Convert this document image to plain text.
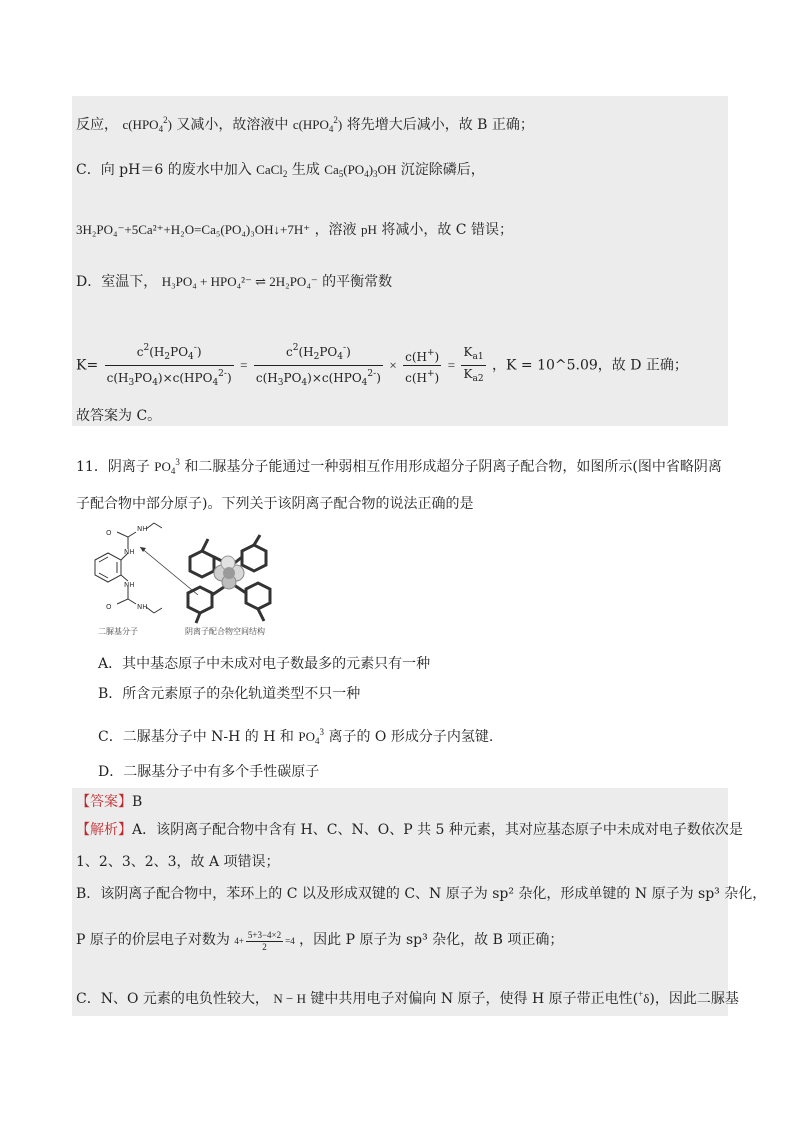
反应， $c(HPO_4^2)$ 又减小，故溶液中 $c(HPO_4^2)$ 将先增大后减小，故 B 正确；
C．向 pH＝6 的废水中加入 CaCl$_2$ 生成 $Ca_5(PO_4)_3OH$ 沉淀除磷后，
3H₂PO₄⁻+5Ca²⁺+H₂O=Ca₅(PO₄)₃OH↓+7H⁺ ，溶液 pH 将减小，故 C 错误；
D．室温下， H₃PO₄ + HPO₄²⁻ ⇌ 2H₂PO₄⁻ 的平衡常数
$K= \frac{c^2(H_2PO_4^-)}{c(H_3PO_4)\times c(HPO_4^{2-})} = \frac{c^2(H_2PO_4^-)}{c(H_3PO_4)\times c(HPO_4^{2-})} \times \frac{c(H^+)}{c(H^+)} = \frac{K_{a1}}{K_{a2}}$ ，K = 10^5.09，故 D 正确；
故答案为 C。
11．阴离子 $PO_4^3$ 和二脲基分子能通过一种弱相互作用形成超分子阴离子配合物，如图所示(图中省略阴离
子配合物中部分原子)。下列关于该阴离子配合物的说法正确的是
O	NH
NH
NH
O	NH
二脲基分子	阴离子配合物空间结构
A．其中基态原子中未成对电子数最多的元素只有一种
B．所含元素原子的杂化轨道类型不只一种
C．二脲基分子中 N-H 的 H 和 $PO_4^3$ 离子的 O 形成分子内氢键.
D．二脲基分子中有多个手性碳原子
【答案】B
【解析】A．该阴离子配合物中含有 H、C、N、O、P 共 5 种元素，其对应基态原子中未成对电子数依次是
1、2、3、2、3，故 A 项错误；
B．该阴离子配合物中，苯环上的 C 以及形成双键的 C、N 原子为 sp² 杂化，形成单键的 N 原子为 sp³ 杂化，
P 原子的价层电子对数为 $4+ \frac{5+3-4\times 2}{2} =4$ ，因此 P 原子为 sp³ 杂化，故 B 项正确；
C．N、O 元素的电负性较大， N − H 键中共用电子对偏向 N 原子，使得 H 原子带正电性(+δ)，因此二脲基
